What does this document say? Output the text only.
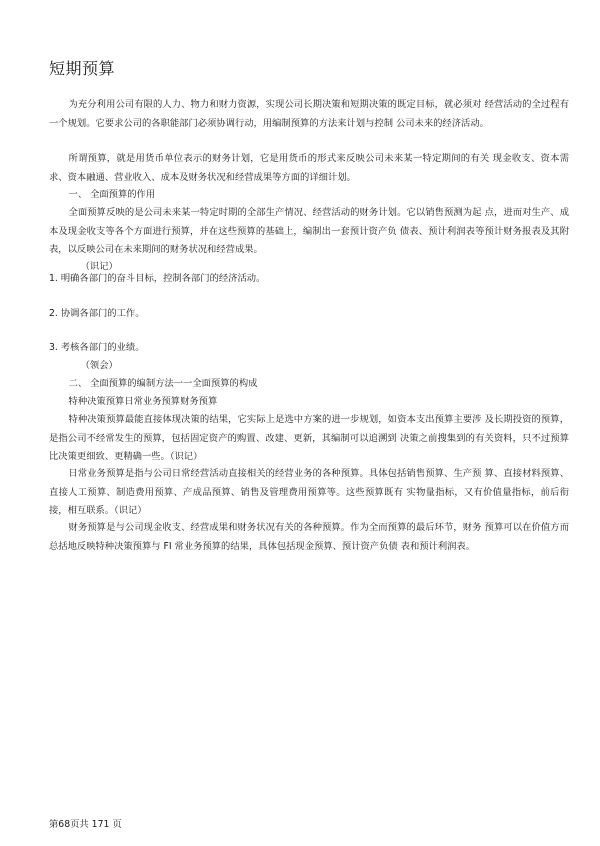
短期预算

为充分利用公司有限的人力、物力和财力资源，实现公司长期决策和短期决策的既定目标，就必须对 经营活动的全过程有一个规划。它要求公司的各职能部门必须协调行动，用编制预算的方法来计划与控制 公司未来的经济活动。

所谓预算，就是用货币单位表示的财务计划，它是用货币的形式来反映公司未来某一特定期间的有关 现金收支、资本需求、资本融通、营业收入、成本及财务状况和经营成果等方面的详细计划。

一、 全面预算的作用

全面预算反映的是公司未来某一特定时期的全部生产情况、经营活动的财务计划。它以销售预测为起 点，进而对生产、成本及现金收支等各个方面进行预算，并在这些预算的基础上，编制出一套预计资产负 债表、预计利润表等预计财务报表及其附表，以反映公司在未来期间的财务状况和经营成果。

（识记）

1. 明确各部门的奋斗目标，控制各部门的经济活动。

2. 协调各部门的工作。

3. 考核各部门的业绩。

（领会）

二、 全面预算的编制方法一一全面预算的构成

特种决策预算日常业务预算财务预算

特种决策预算最能直接体现决策的结果，它实际上是选中方案的进一步规划，如资本支出预算主要涉 及长期投资的预算，是指公司不经常发生的预算，包括固定资产的购置、改建、更新，其编制可以追溯到 决策之前搜集到的有关资料，只不过预算比决策更细致、更精确一些。（识记）

日常业务预算是指与公司日常经营活动直接相关的经营业务的各种预算。具体包括销售预算、生产预 算、直接材料预算、直接人工预算、制造费用预算、产成品预算、销售及管理费用预算等。这些预算既有 实物量指标，又有价值量指标，前后衔接，相互联系。（识记）

财务预算是与公司现金收支、经营成果和财务状况有关的各种预算。作为全而预算的最后环节，财务 预算可以在价值方而总括地反映特种决策预算与 FI 常业务预算的结果，具体包括现金预算、预计资产负债 表和预计利润表。

第68页共 171 页
